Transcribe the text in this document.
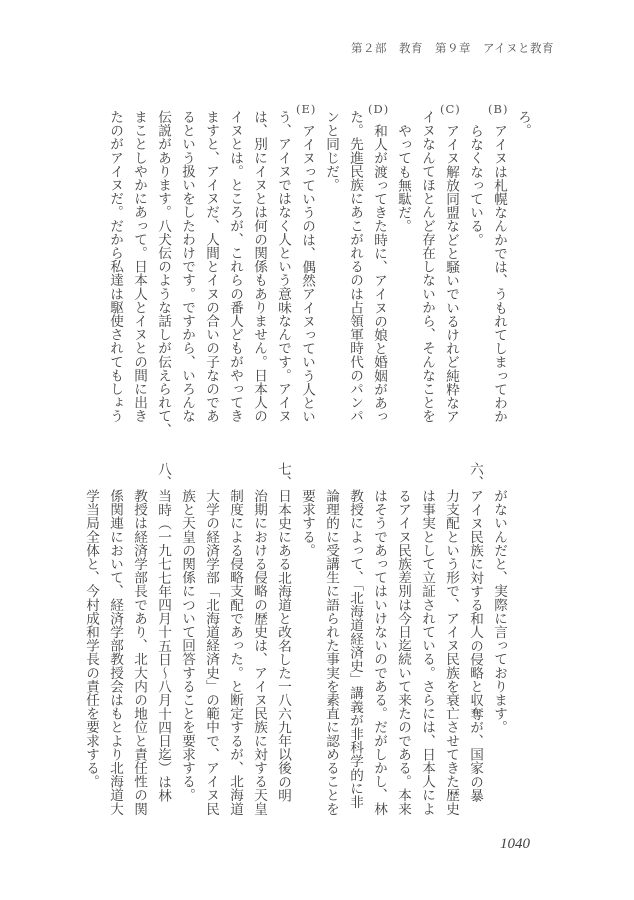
第２部　教育　第９章　アイヌと教育
ろ。
(B)
アイヌは札幌なんかでは、うもれてしまってわか
らなくなっている。
(C)
アイヌ解放同盟などと騒いでいるけれど純粋なア
イヌなんてほとんど存在しないから、そんなことを
やっても無駄だ。
(D)
和人が渡ってきた時に、アイヌの娘と婚姻があっ
た。先進民族にあこがれるのは占領軍時代のパンパ
ンと同じだ。
(E)
アイヌっていうのは、偶然アイヌっていう人とい
う、アイヌではなく人という意味なんです。アイヌ
は、別にイヌとは何の関係もありません。日本人の
イヌとは。ところが、これらの番人どもがやってき
ますと、アイヌだ、人間とイヌの合いの子なのであ
るという扱いをしたわけです。ですから、いろんな
伝説があります。八犬伝のような話しが伝えられて、
まことしやかにあって。日本人とイヌとの間に出き
たのがアイヌだ。だから私達は駆使されてもしょう
がないんだと、実際に言っております。
六、アイヌ民族に対する和人の侵略と収奪が、国家の暴
力支配という形で、アイヌ民族を衰亡させてきた歴史
は事実として立証されている。さらには、日本人によ
るアイヌ民族差別は今日迄続いて来たのである。本来
はそうであってはいけないのである。だがしかし、林
教授によって、「北海道経済史」講義が非科学的に非
論理的に受講生に語られた事実を素直に認めることを
要求する。
七、日本史にある北海道と改名した一八六九年以後の明
治期における侵略の歴史は、アイヌ民族に対する天皇
制度による侵略支配であった。と断定するが、北海道
大学の経済学部「北海道経済史」の範中で、アイヌ民
族と天皇の関係について回答することを要求する。
八、当時（一九七七年四月十五日～八月十四日迄）は林
教授は経済学部長であり、北大内の地位と責任性の関
係関連において、経済学部教授会はもとより北海道大
学当局全体と、今村成和学長の責任を要求する。
1040
